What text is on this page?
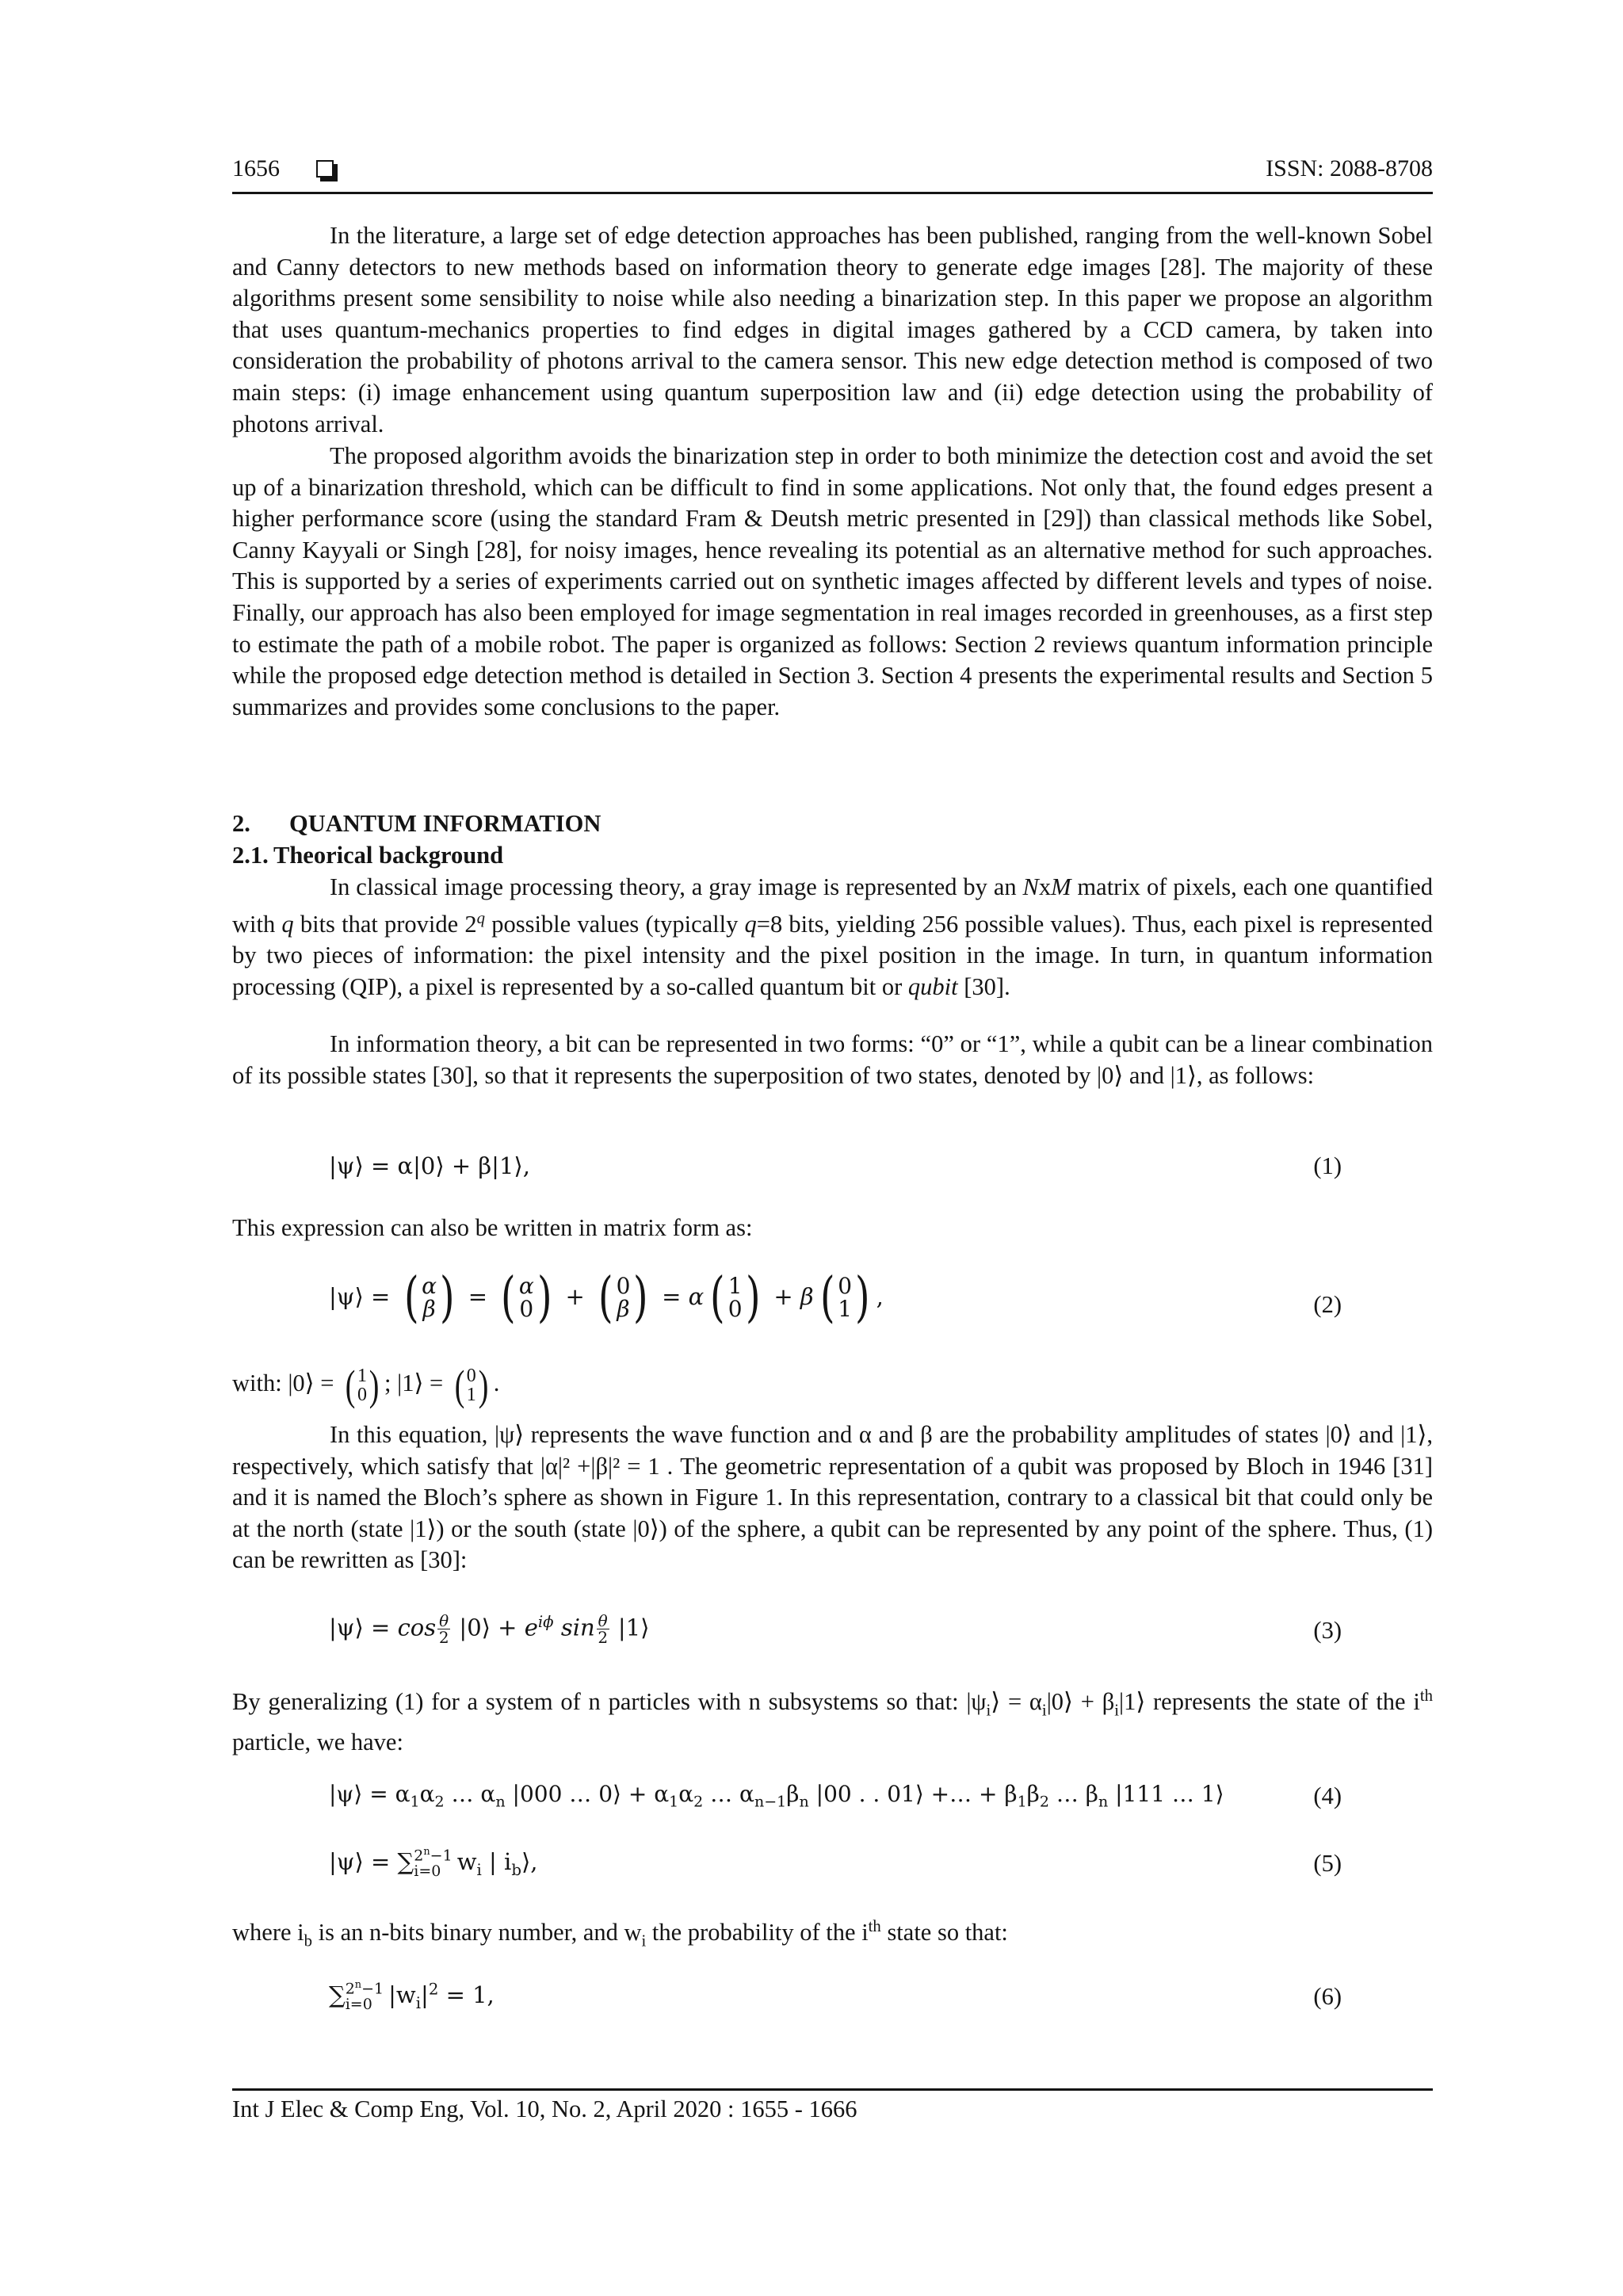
1656	ISSN: 2088-8708

In the literature, a large set of edge detection approaches has been published, ranging from the well-known Sobel and Canny detectors to new methods based on information theory to generate edge images [28]. The majority of these algorithms present some sensibility to noise while also needing a binarization step. In this paper we propose an algorithm that uses quantum-mechanics properties to find edges in digital images gathered by a CCD camera, by taken into consideration the probability of photons arrival to the camera sensor. This new edge detection method is composed of two main steps: (i) image enhancement using quantum superposition law and (ii) edge detection using the probability of photons arrival.

The proposed algorithm avoids the binarization step in order to both minimize the detection cost and avoid the set up of a binarization threshold, which can be difficult to find in some applications. Not only that, the found edges present a higher performance score (using the standard Fram & Deutsh metric presented in [29]) than classical methods like Sobel, Canny Kayyali or Singh [28], for noisy images, hence revealing its potential as an alternative method for such approaches. This is supported by a series of experiments carried out on synthetic images affected by different levels and types of noise. Finally, our approach has also been employed for image segmentation in real images recorded in greenhouses, as a first step to estimate the path of a mobile robot. The paper is organized as follows: Section 2 reviews quantum information principle while the proposed edge detection method is detailed in Section 3. Section 4 presents the experimental results and Section 5 summarizes and provides some conclusions to the paper.

2. QUANTUM INFORMATION
2.1. Theorical background

In classical image processing theory, a gray image is represented by an NxM matrix of pixels, each one quantified with q bits that provide 2$^q$ possible values (typically q=8 bits, yielding 256 possible values). Thus, each pixel is represented by two pieces of information: the pixel intensity and the pixel position in the image. In turn, in quantum information processing (QIP), a pixel is represented by a so-called quantum bit or qubit [30].

In information theory, a bit can be represented in two forms: “0” or “1”, while a qubit can be a linear combination of its possible states [30], so that it represents the superposition of two states, denoted by |0⟩ and |1⟩, as follows:

|ψ⟩ = α|0⟩ + β|1⟩,	(1)

This expression can also be written in matrix form as:

|ψ⟩ = ( α
β ) = ( α
0 ) + ( 0
β ) = α ( 1
0 ) + β ( 0
1 ) ,	(2)
with: |0⟩ = ( 1
0 ) ; |1⟩ = ( 0
1 ) .

In this equation, |ψ⟩ represents the wave function and α and β are the probability amplitudes of states |0⟩ and |1⟩, respectively, which satisfy that |α|² +|β|² = 1 . The geometric representation of a qubit was proposed by Bloch in 1946 [31] and it is named the Bloch’s sphere as shown in Figure 1. In this representation, contrary to a classical bit that could only be at the north (state |1⟩) or the south (state |0⟩) of the sphere, a qubit can be represented by any point of the sphere. Thus, (1) can be rewritten as [30]:

|ψ⟩ = $\cos \frac{\theta}{2}$ |0⟩ + $e^{i\phi}$ $\sin \frac{\theta}{2}$ |1⟩	(3)

By generalizing (1) for a system of n particles with n subsystems so that: $|\psi_i⟩$ = $\alpha_i|0⟩$ + $\beta_i|1⟩$ represents the state of the $i^{th}$ particle, we have:

|ψ⟩ = $\alpha_1\alpha_2$ … $\alpha_n$ |000 … 0⟩ + $\alpha_1\alpha_2$ … $\alpha_{n-1}\beta_n$ |00 . . 01⟩ +… + $\beta_1\beta_2$ … $\beta_n$ |111 … 1⟩	(4)
|ψ⟩ = ∑ $2^n-1$
i=0 $w_i$ | $i_b⟩$,	(5)

where $i_b$ is an n-bits binary number, and $w_i$ the probability of the $i^{th}$ state so that:

∑ $2^n-1$
i=0 $|w_i|^2 = 1$,	(6)
Int J Elec & Comp Eng, Vol. 10, No. 2, April 2020 : 1655 - 1666
